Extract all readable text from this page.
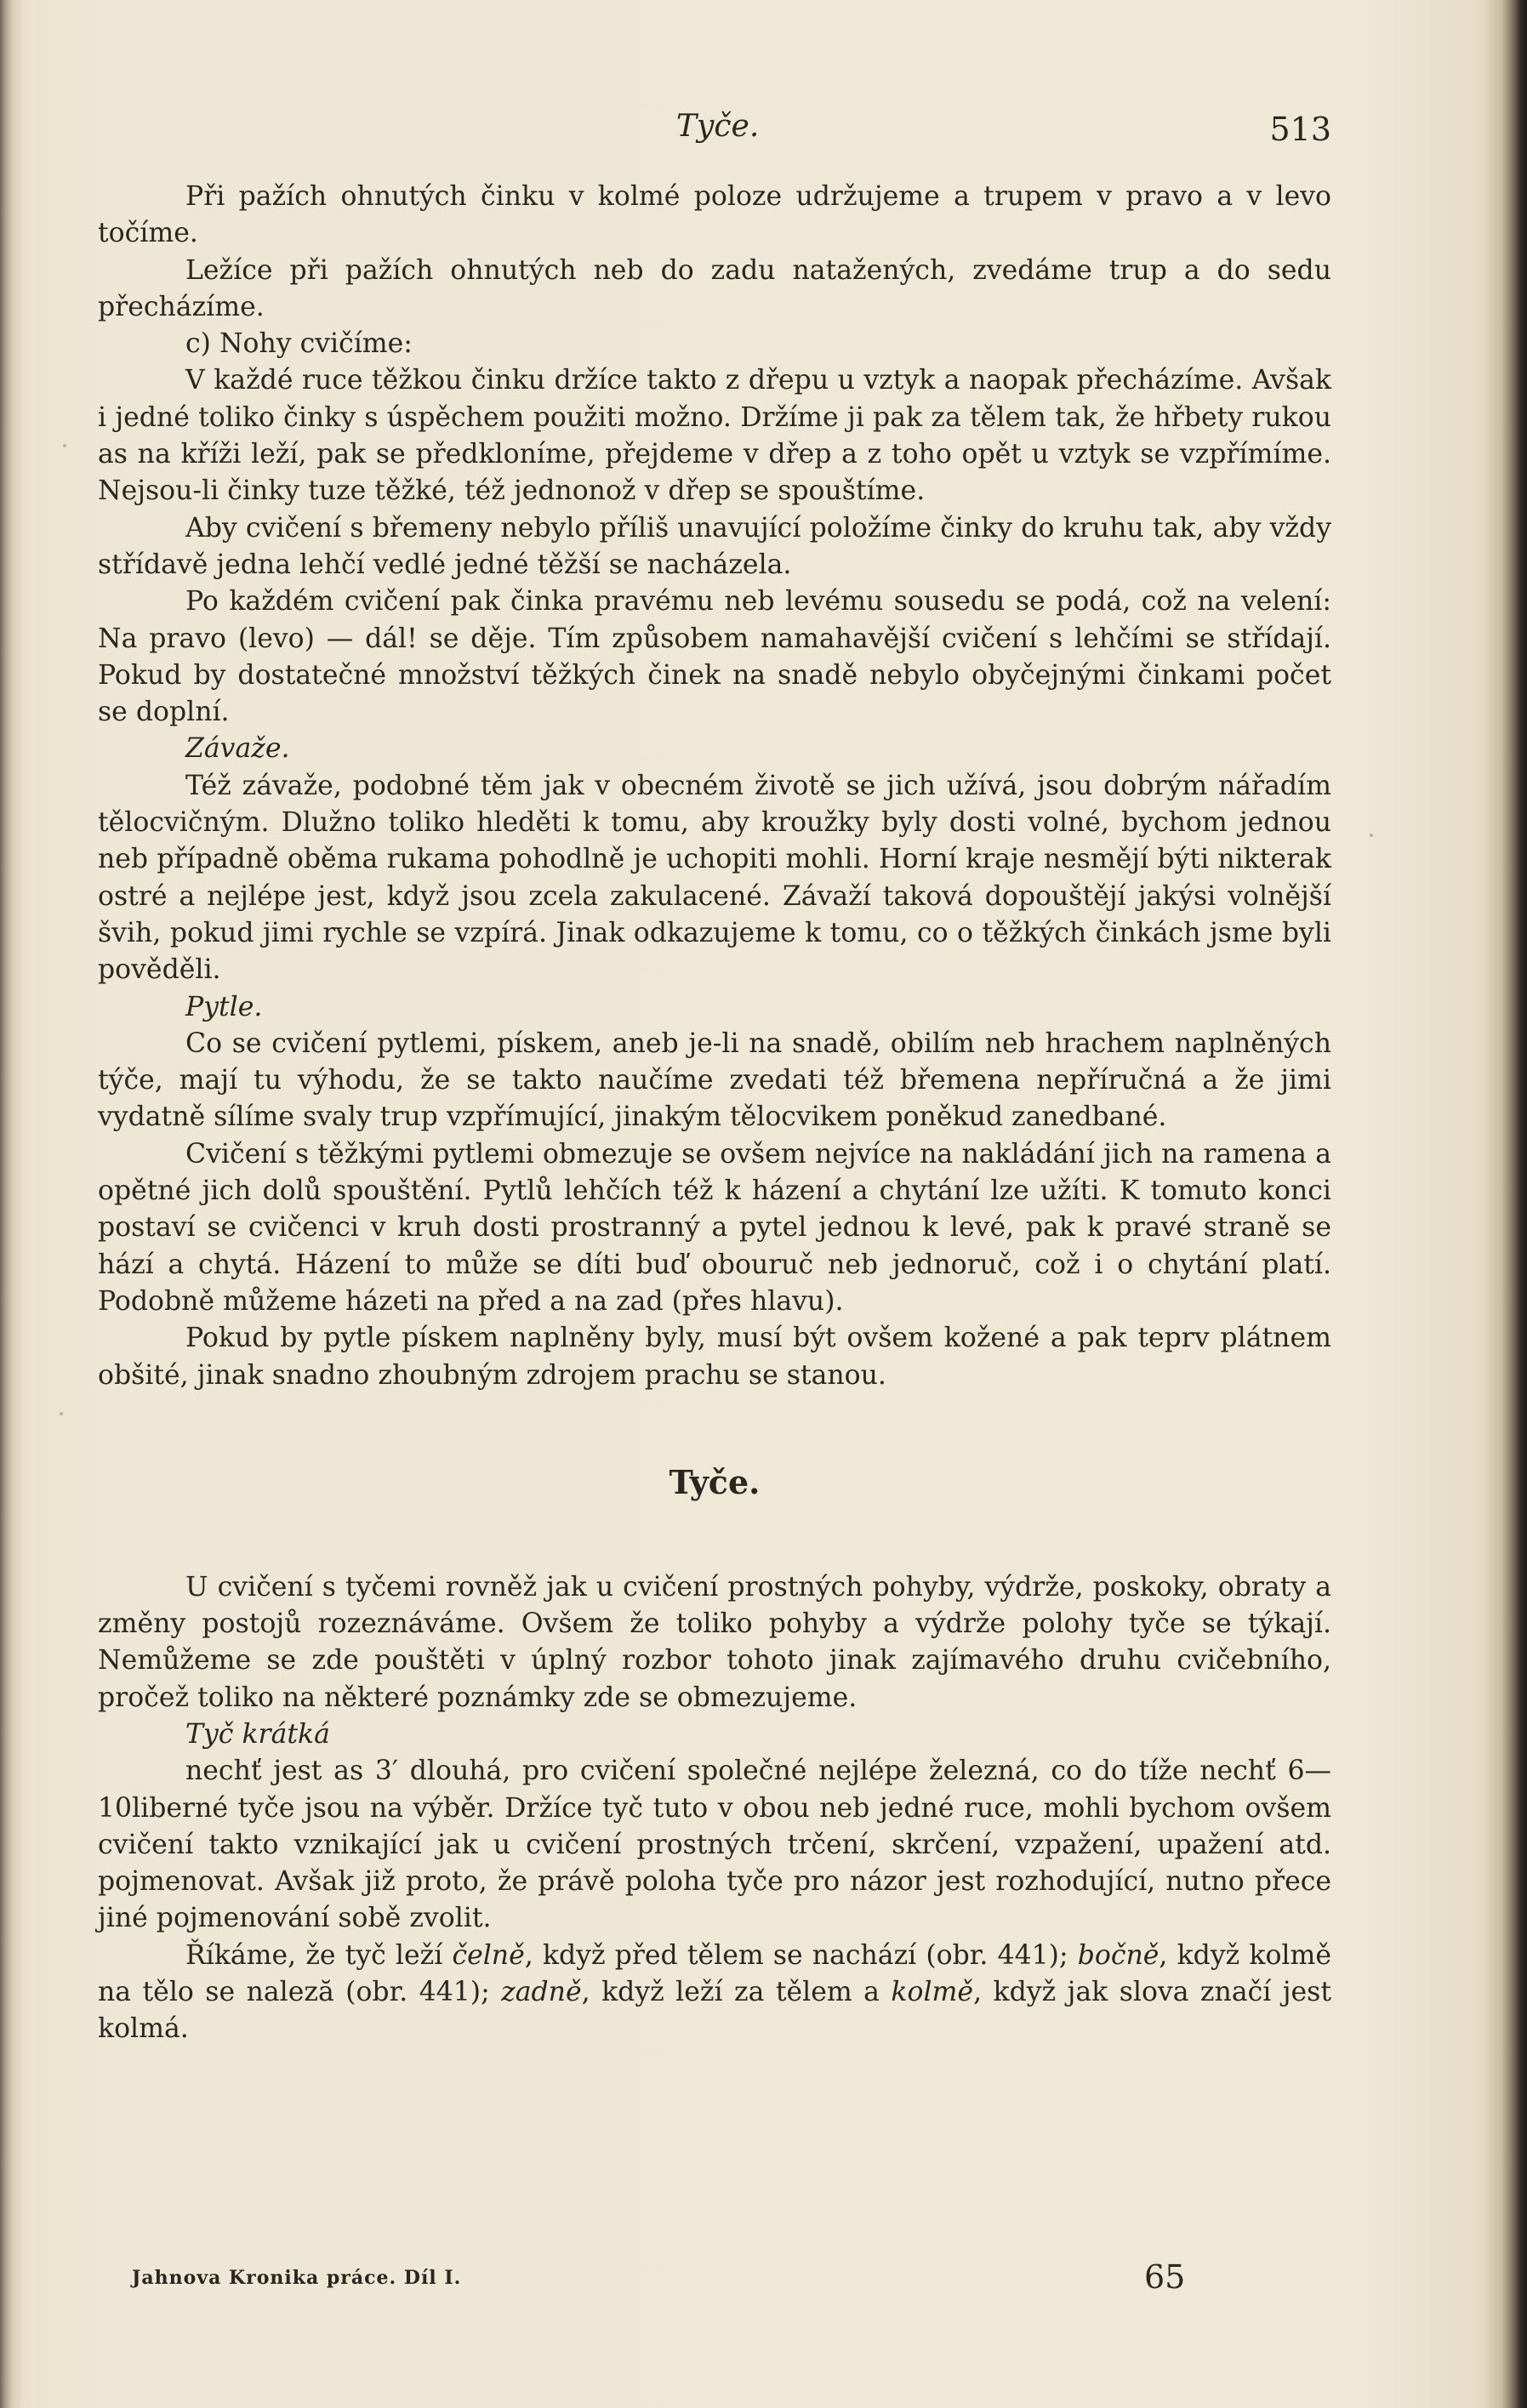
Tyče.	513

Při pažích ohnutých činku v kolmé poloze udržujeme a trupem v pravo a v levo točíme.

Ležíce při pažích ohnutých neb do zadu natažených, zvedáme trup a do sedu přecházíme.

c) Nohy cvičíme:

V každé ruce těžkou činku držíce takto z dřepu u vztyk a naopak přecházíme. Avšak i jedné toliko činky s úspěchem použiti možno. Držíme ji pak za tělem tak, že hřbety rukou as na kříži leží, pak se předkloníme, přejdeme v dřep a z toho opět u vztyk se vzpřímíme. Nejsou-li činky tuze těžké, též jednonož v dřep se spouštíme.

Aby cvičení s břemeny nebylo příliš unavující položíme činky do kruhu tak, aby vždy střídavě jedna lehčí vedlé jedné těžší se nacházela.

Po každém cvičení pak činka pravému neb levému sousedu se podá, což na velení: Na pravo (levo) — dál! se děje. Tím způsobem namahavější cvičení s lehčími se střídají. Pokud by dostatečné množství těžkých činek na snadě nebylo obyčejnými činkami počet se doplní.

Závaže.

Též závaže, podobné těm jak v obecném životě se jich užívá, jsou dobrým nářadím tělocvičným. Dlužno toliko hleděti k tomu, aby kroužky byly dosti volné, bychom jednou neb případně oběma rukama pohodlně je uchopiti mohli. Horní kraje nesmějí býti nikterak ostré a nejlépe jest, když jsou zcela zakulacené. Závaží taková dopouštějí jakýsi volnější švih, pokud jimi rychle se vzpírá. Jinak odkazujeme k tomu, co o těžkých činkách jsme byli pověděli.

Pytle.

Co se cvičení pytlemi, pískem, aneb je-li na snadě, obilím neb hrachem naplněných týče, mají tu výhodu, že se takto naučíme zvedati též břemena nepříručná a že jimi vydatně sílíme svaly trup vzpřímující, jinakým tělocvikem poněkud zanedbané.

Cvičení s těžkými pytlemi obmezuje se ovšem nejvíce na nakládání jich na ramena a opětné jich dolů spouštění. Pytlů lehčích též k házení a chytání lze užíti. K tomuto konci postaví se cvičenci v kruh dosti prostranný a pytel jednou k levé, pak k pravé straně se hází a chytá. Házení to může se díti buď obouruč neb jednoruč, což i o chytání platí. Podobně můžeme házeti na před a na zad (přes hlavu).

Pokud by pytle pískem naplněny byly, musí být ovšem kožené a pak teprv plátnem obšité, jinak snadno zhoubným zdrojem prachu se stanou.

Tyče.

U cvičení s tyčemi rovněž jak u cvičení prostných pohyby, výdrže, poskoky, obraty a změny postojů rozeznáváme. Ovšem že toliko pohyby a výdrže polohy tyče se týkají. Nemůžeme se zde pouštěti v úplný rozbor tohoto jinak zajímavého druhu cvičebního, pročež toliko na některé poznámky zde se obmezujeme.

Tyč krátká

nechť jest as 3′ dlouhá, pro cvičení společné nejlépe železná, co do tíže nechť 6—10liberné tyče jsou na výběr. Držíce tyč tuto v obou neb jedné ruce, mohli bychom ovšem cvičení takto vznikající jak u cvičení prostných trčení, skrčení, vzpažení, upažení atd. pojmenovat. Avšak již proto, že právě poloha tyče pro názor jest rozhodující, nutno přece jiné pojmenování sobě zvolit.

Říkáme, že tyč leží čelně, když před tělem se nachází (obr. 441); bočně, když kolmě na tělo se naleză (obr. 441); zadně, když leží za tělem a kolmě, když jak slova značí jest kolmá.

Jahnova Kronika práce. Díl I.	65
